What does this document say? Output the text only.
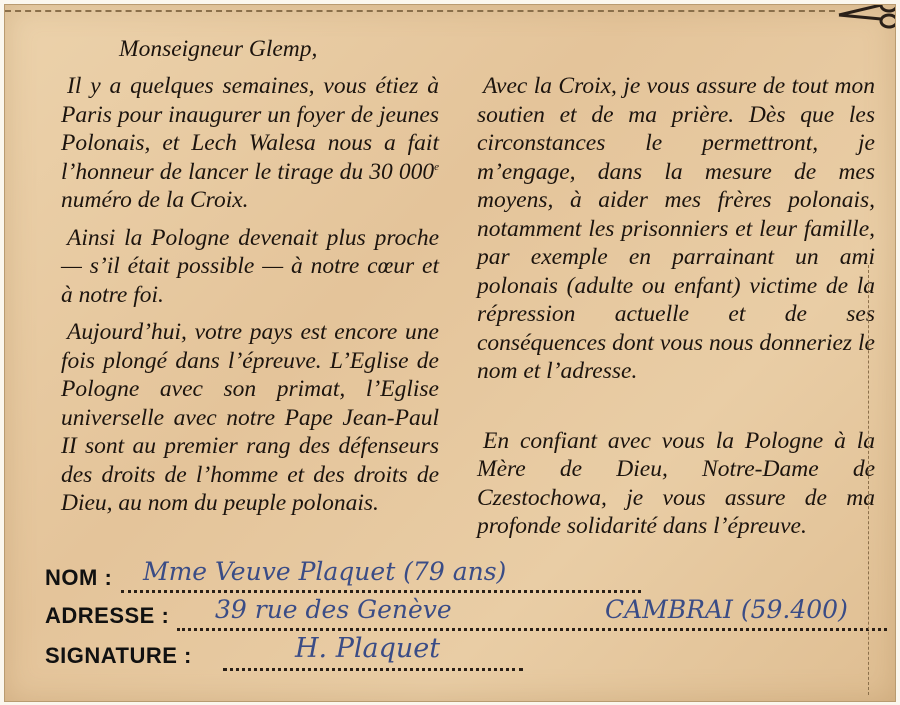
Monseigneur Glemp,

Il y a quelques semaines, vous étiez à Paris pour inaugurer un foyer de jeunes Polonais, et Lech Walesa nous a fait l’honneur de lancer le tirage du 30 000e numéro de la Croix.

Ainsi la Pologne devenait plus proche — s’il était possible — à notre cœur et à notre foi.

Aujourd’hui, votre pays est encore une fois plongé dans l’épreuve. L’Eglise de Pologne avec son primat, l’Eglise universelle avec notre Pape Jean-Paul II sont au premier rang des défenseurs des droits de l’homme et des droits de Dieu, au nom du peuple polonais.

Avec la Croix, je vous assure de tout mon soutien et de ma prière. Dès que les circonstances le permettront, je m’engage, dans la mesure de mes moyens, à aider mes frères polonais, notamment les prisonniers et leur famille, par exemple en parrainant un ami polonais (adulte ou enfant) victime de la répression actuelle et de ses conséquences dont vous nous donneriez le nom et l’adresse.

En confiant avec vous la Pologne à la Mère de Dieu, Notre-Dame de Czestochowa, je vous assure de ma profonde solidarité dans l’épreuve.

NOM : Mme Veuve Plaquet (79 ans)
ADRESSE : 39 rue des Genève	CAMBRAI (59.400)
SIGNATURE :	H. Plaquet
